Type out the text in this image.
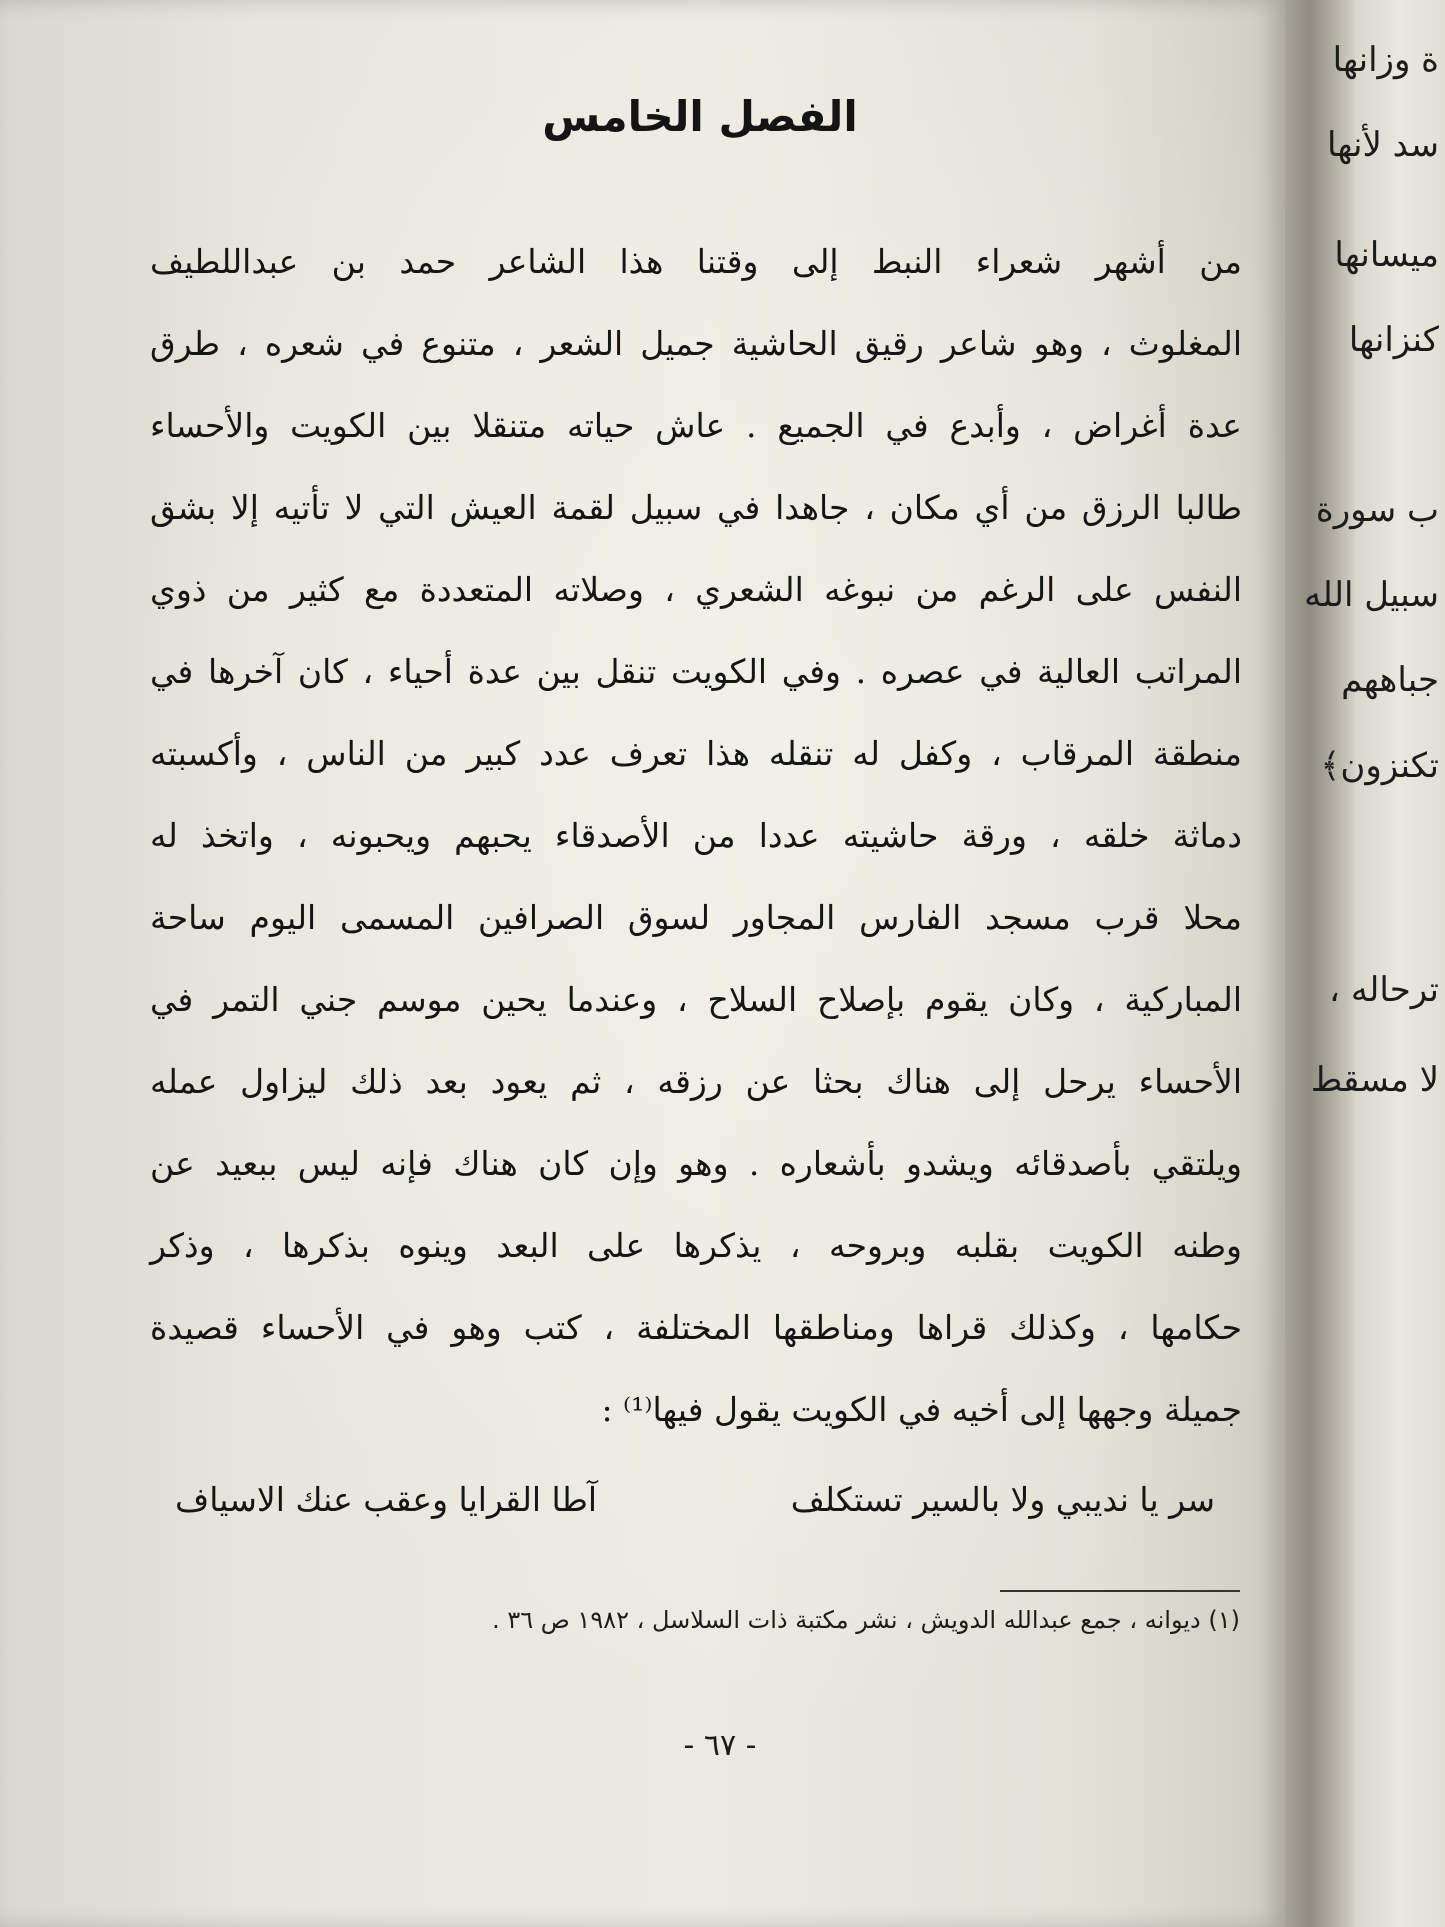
الفصل الخامس
من أشهر شعراء النبط إلى وقتنا هذا الشاعر حمد بن عبداللطيف
المغلوث ، وهو شاعر رقيق الحاشية جميل الشعر ، متنوع في شعره ، طرق
عدة أغراض ، وأبدع في الجميع . عاش حياته متنقلا بين الكويت والأحساء
طالبا الرزق من أي مكان ، جاهدا في سبيل لقمة العيش التي لا تأتيه إلا بشق
النفس على الرغم من نبوغه الشعري ، وصلاته المتعددة مع كثير من ذوي
المراتب العالية في عصره . وفي الكويت تنقل بين عدة أحياء ، كان آخرها في
منطقة المرقاب ، وكفل له تنقله هذا تعرف عدد كبير من الناس ، وأكسبته
دماثة خلقه ، ورقة حاشيته عددا من الأصدقاء يحبهم ويحبونه ، واتخذ له
محلا قرب مسجد الفارس المجاور لسوق الصرافين المسمى اليوم ساحة
المباركية ، وكان يقوم بإصلاح السلاح ، وعندما يحين موسم جني التمر في
الأحساء يرحل إلى هناك بحثا عن رزقه ، ثم يعود بعد ذلك ليزاول عمله
ويلتقي بأصدقائه ويشدو بأشعاره . وهو وإن كان هناك فإنه ليس ببعيد عن
وطنه الكويت بقلبه وبروحه ، يذكرها على البعد وينوه بذكرها ، وذكر
حكامها ، وكذلك قراها ومناطقها المختلفة ، كتب وهو في الأحساء قصيدة
جميلة وجهها إلى أخيه في الكويت يقول فيها⁽¹⁾ :
سر يا نديبي ولا بالسير تستكلف
آطا القرايا وعقب عنك الاسياف
(١) ديوانه ، جمع عبدالله الدويش ، نشر مكتبة ذات السلاسل ، ١٩٨٢ ص ٣٦ .
- ٦٧ -
ة وزانها
سد لأنها
ميسانها
كنزانها
ب سورة
سبيل الله
جباههم
تكنزون﴾
ترحاله ،
لا مسقط
